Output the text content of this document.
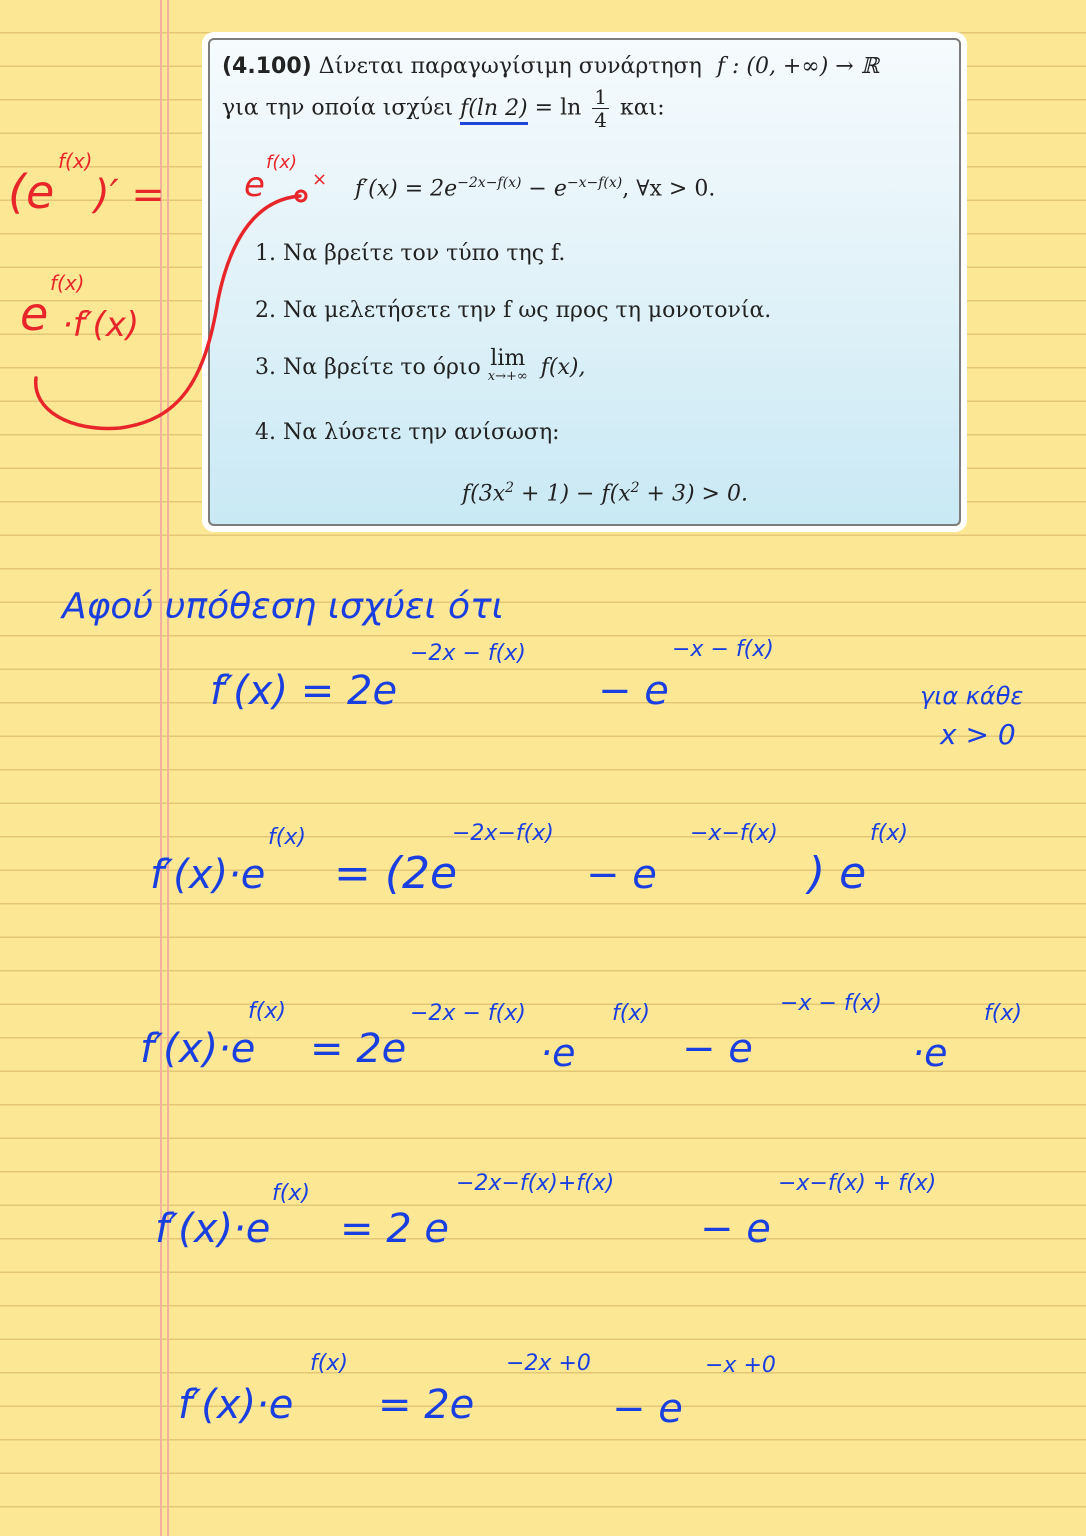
(4.100) Δίνεται παραγωγίσιμη συνάρτηση f : (0, +∞) → ℝ
για την οποία ισχύει f(ln $2) = \ln \frac{1}{4} \kappa\alpha\iota$:
$f'(x) = 2e^{-2x-f(x)} - e^{-x-f(x)}$, ∀x > 0.
1. Να βρείτε τον τύπο της f.
2. Να μελετήσετε την f ως προς τη μονοτονία.
3. Να βρείτε το όριο lim
x→+∞ f(x),
4. Να λύσετε την ανίσωση:
$f(3x^2 + 1) - f(x^2 + 3) > 0$.
(e
f(x)
)′ =
e
f(x)
·f′(x)
e
f(x)
×
Αφού υπόθεση ισχύει ότι
f′(x) = 2e
−2x − f(x)
− e
−x − f(x)
για κάθε
x > 0
f′(x)·e
f(x)
= (2e
−2x−f(x)
− e
−x−f(x)
) e
f(x)
f′(x)·e
f(x)
= 2e
−2x − f(x)
·e
f(x)
− e
−x − f(x)
·e
f(x)
f′(x)·e
f(x)
= 2 e
−2x−f(x)+f(x)
− e
−x−f(x) + f(x)
f′(x)·e
f(x)
= 2e
−2x +0
− e
−x +0
